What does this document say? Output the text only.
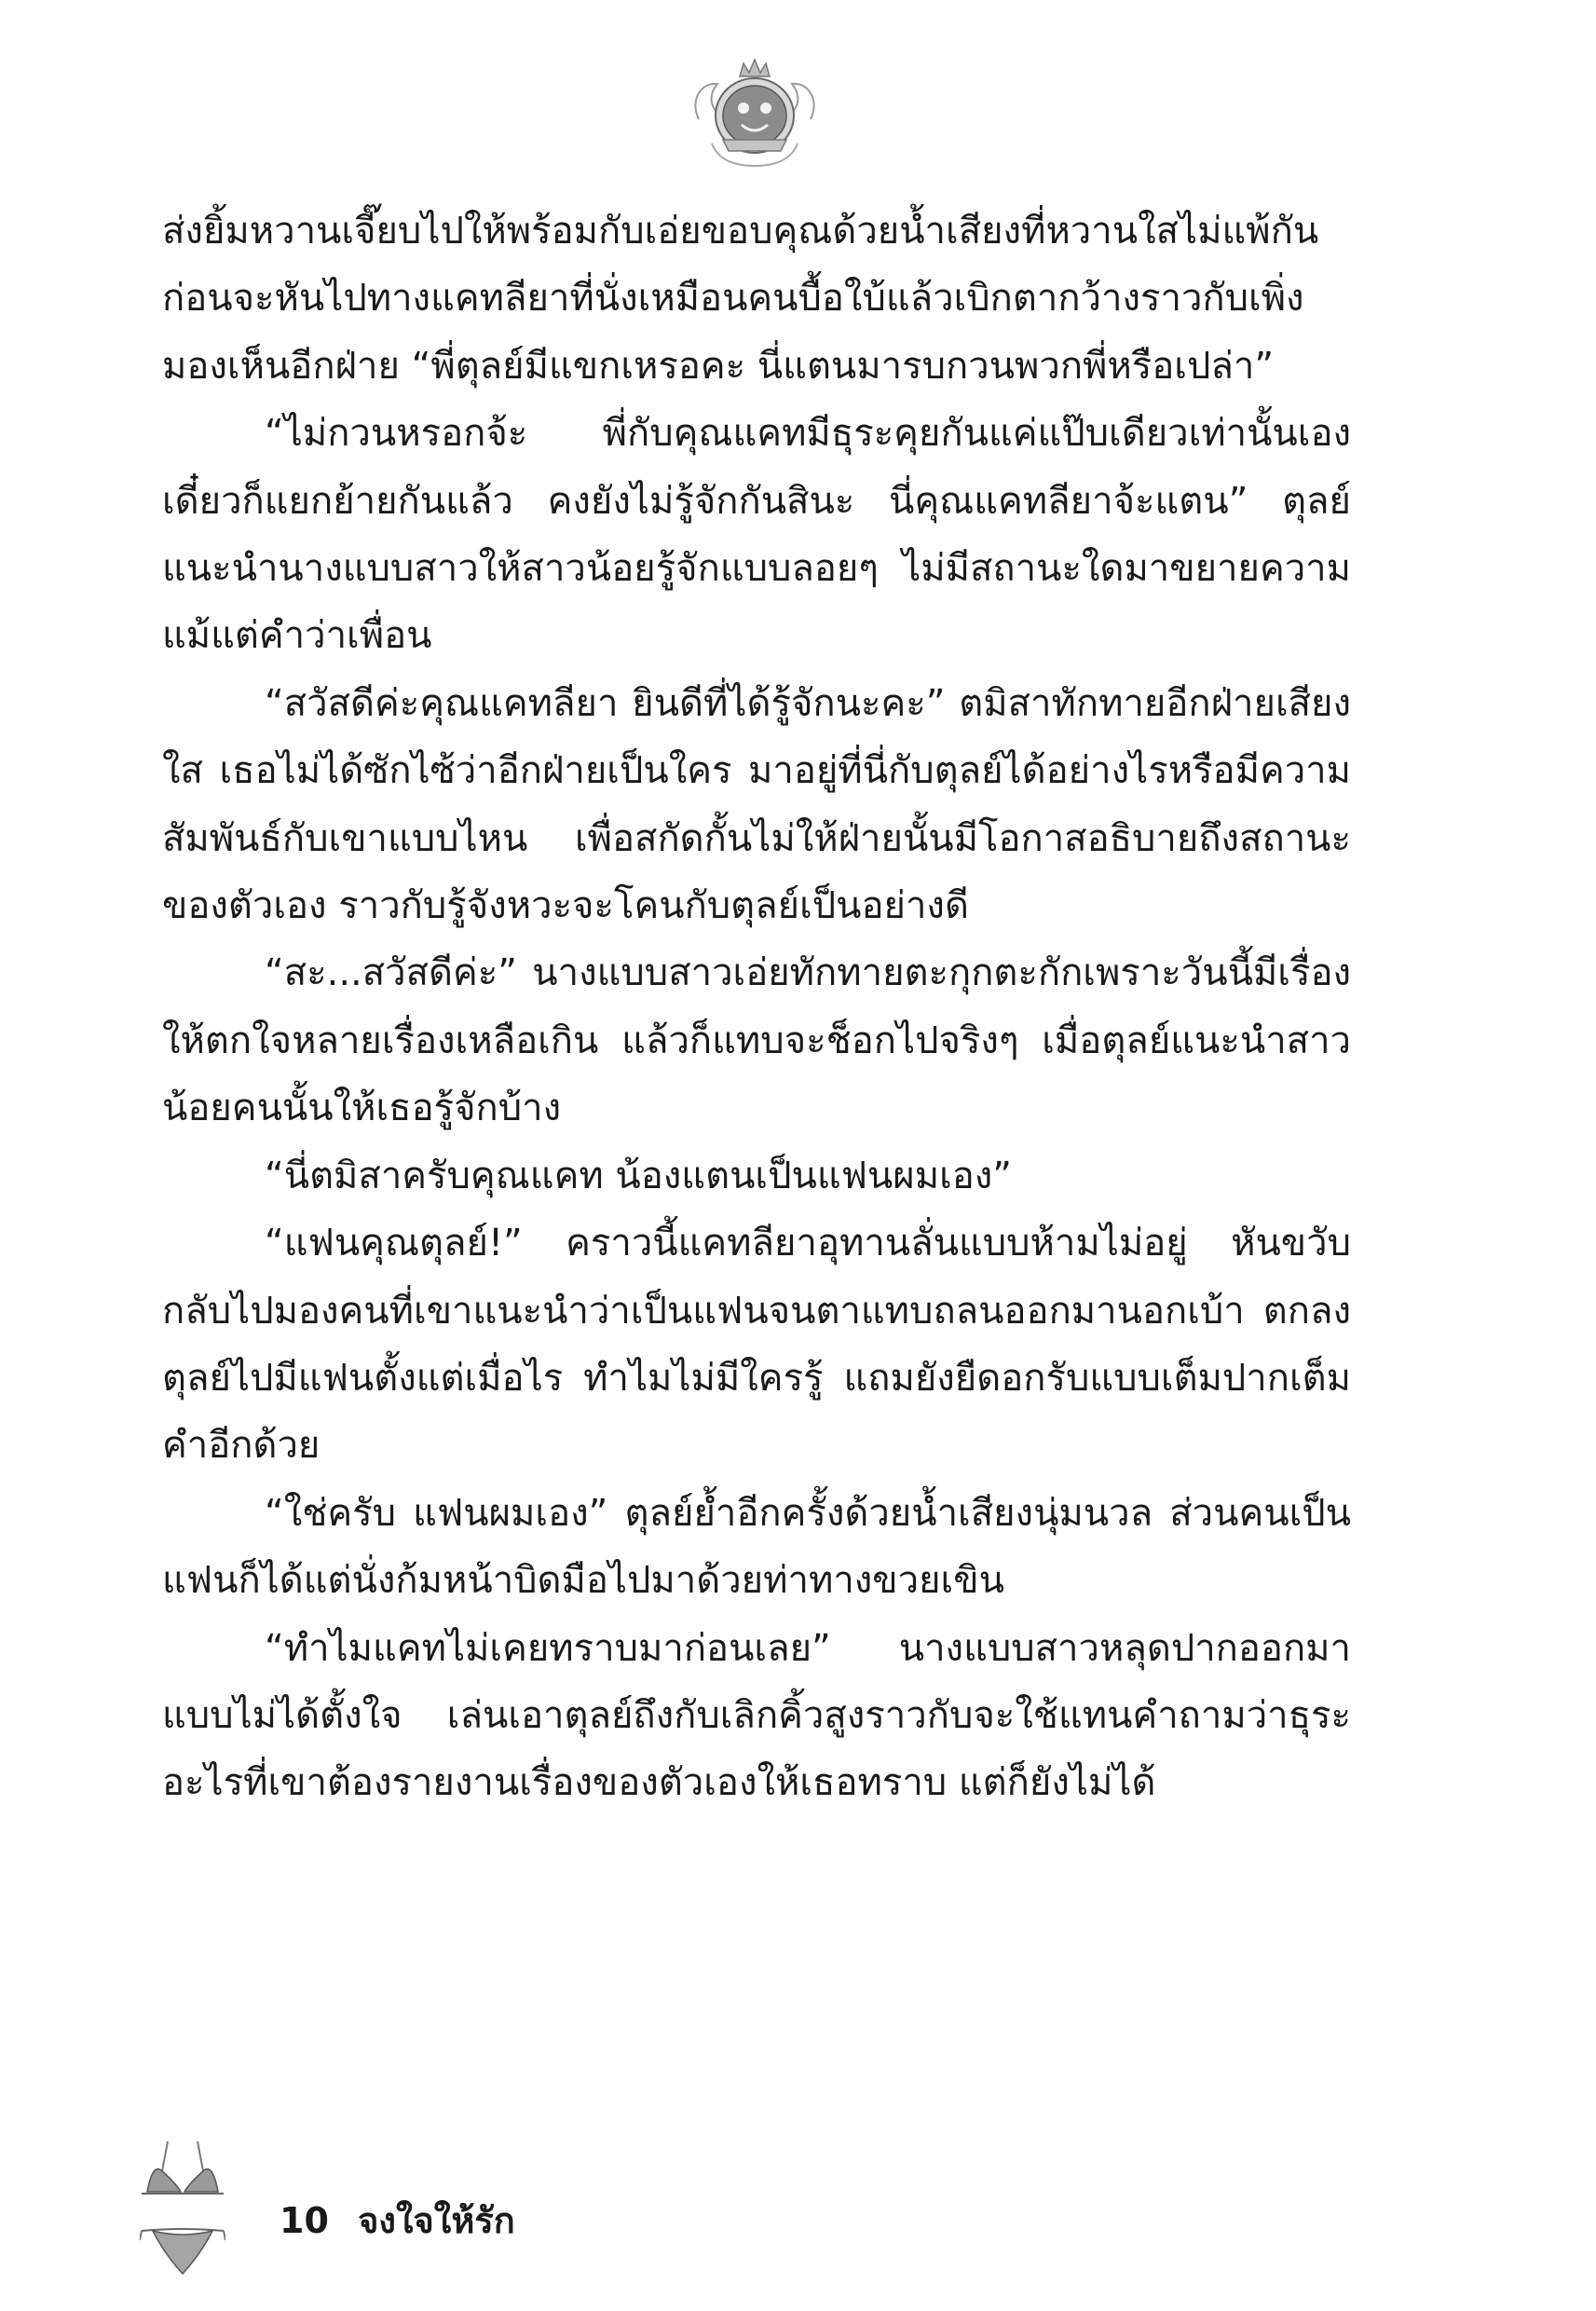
ส่งยิ้มหวานเจี๊ยบไปให้พร้อมกับเอ่ยขอบคุณด้วยน้ำเสียงที่หวานใสไม่แพ้กัน ก่อนจะหันไปทางแคทลียาที่นั่งเหมือนคนบื้อใบ้แล้วเบิกตากว้างราวกับเพิ่งมองเห็นอีกฝ่าย “พี่ตุลย์มีแขกเหรอคะ นี่แตนมารบกวนพวกพี่หรือเปล่า”

“ไม่กวนหรอกจ้ะ พี่กับคุณแคทมีธุระคุยกันแค่แป๊บเดียวเท่านั้นเอง เดี๋ยวก็แยกย้ายกันแล้ว คงยังไม่รู้จักกันสินะ นี่คุณแคทลียาจ้ะแตน” ตุลย์แนะนำนางแบบสาวให้สาวน้อยรู้จักแบบลอยๆ ไม่มีสถานะใดมาขยายความแม้แต่คำว่าเพื่อน

“สวัสดีค่ะคุณแคทลียา ยินดีที่ได้รู้จักนะคะ” ตมิสาทักทายอีกฝ่ายเสียงใส เธอไม่ได้ซักไซ้ว่าอีกฝ่ายเป็นใคร มาอยู่ที่นี่กับตุลย์ได้อย่างไรหรือมีความสัมพันธ์กับเขาแบบไหน เพื่อสกัดกั้นไม่ให้ฝ่ายนั้นมีโอกาสอธิบายถึงสถานะของตัวเอง ราวกับรู้จังหวะจะโคนกับตุลย์เป็นอย่างดี

“สะ...สวัสดีค่ะ” นางแบบสาวเอ่ยทักทายตะกุกตะกักเพราะวันนี้มีเรื่องให้ตกใจหลายเรื่องเหลือเกิน แล้วก็แทบจะช็อกไปจริงๆ เมื่อตุลย์แนะนำสาวน้อยคนนั้นให้เธอรู้จักบ้าง

“นี่ตมิสาครับคุณแคท น้องแตนเป็นแฟนผมเอง”

“แฟนคุณตุลย์!” คราวนี้แคทลียาอุทานลั่นแบบห้ามไม่อยู่ หันขวับกลับไปมองคนที่เขาแนะนำว่าเป็นแฟนจนตาแทบถลนออกมานอกเบ้า ตกลงตุลย์ไปมีแฟนตั้งแต่เมื่อไร ทำไมไม่มีใครรู้ แถมยังยืดอกรับแบบเต็มปากเต็มคำอีกด้วย

“ใช่ครับ แฟนผมเอง” ตุลย์ย้ำอีกครั้งด้วยน้ำเสียงนุ่มนวล ส่วนคนเป็นแฟนก็ได้แต่นั่งก้มหน้าบิดมือไปมาด้วยท่าทางขวยเขิน

“ทำไมแคทไม่เคยทราบมาก่อนเลย” นางแบบสาวหลุดปากออกมาแบบไม่ได้ตั้งใจ เล่นเอาตุลย์ถึงกับเลิกคิ้วสูงราวกับจะใช้แทนคำถามว่าธุระอะไรที่เขาต้องรายงานเรื่องของตัวเองให้เธอทราบ แต่ก็ยังไม่ได้

10 จงใจให้รัก
